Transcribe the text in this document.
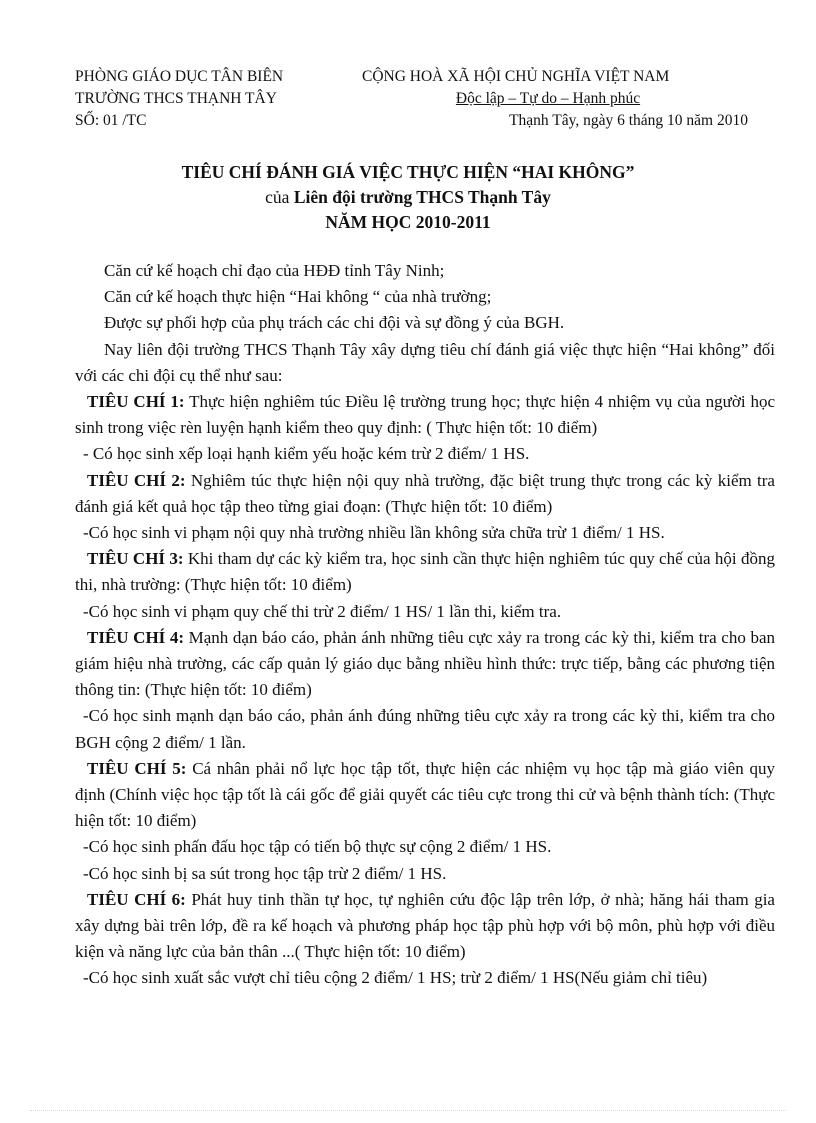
PHÒNG GIÁO DỤC TÂN BIÊN
TRƯỜNG THCS THẠNH TÂY
SỐ: 01 /TC
CỘNG HOÀ XÃ HỘI CHỦ NGHĨA VIỆT NAM
Độc lập – Tự do – Hạnh phúc
Thạnh Tây, ngày 6 tháng 10 năm 2010
TIÊU CHÍ ĐÁNH GIÁ VIỆC THỰC HIỆN “HAI KHÔNG”
của Liên đội trường THCS Thạnh Tây
NĂM HỌC 2010-2011

Căn cứ kế hoạch chỉ đạo của HĐĐ tỉnh Tây Ninh;

Căn cứ kế hoạch thực hiện “Hai không “ của nhà trường;

Được sự phối hợp của phụ trách các chi đội và sự đồng ý của BGH.

Nay liên đội trường THCS Thạnh Tây xây dựng tiêu chí đánh giá việc thực hiện “Hai không” đối với các chi đội cụ thể như sau:

TIÊU CHÍ 1: Thực hiện nghiêm túc Điều lệ trường trung học; thực hiện 4 nhiệm vụ của người học sinh trong việc rèn luyện hạnh kiểm theo quy định: ( Thực hiện tốt: 10 điểm)

- Có học sinh xếp loại hạnh kiểm yếu hoặc kém trừ 2 điểm/ 1 HS.

TIÊU CHÍ 2: Nghiêm túc thực hiện nội quy nhà trường, đặc biệt trung thực trong các kỳ kiểm tra đánh giá kết quả học tập theo từng giai đoạn: (Thực hiện tốt: 10 điểm)

-Có học sinh vi phạm nội quy nhà trường nhiều lần không sửa chữa trừ 1 điểm/ 1 HS.

TIÊU CHÍ 3: Khi tham dự các kỳ kiểm tra, học sinh cần thực hiện nghiêm túc quy chế của hội đồng thi, nhà trường: (Thực hiện tốt: 10 điểm)

-Có học sinh vi phạm quy chế thi trừ 2 điểm/ 1 HS/ 1 lần thi, kiểm tra.

TIÊU CHÍ 4: Mạnh dạn báo cáo, phản ánh những tiêu cực xảy ra trong các kỳ thi, kiểm tra cho ban giám hiệu nhà trường, các cấp quản lý giáo dục bằng nhiều hình thức: trực tiếp, bằng các phương tiện thông tin: (Thực hiện tốt: 10 điểm)

-Có học sinh mạnh dạn báo cáo, phản ánh đúng những tiêu cực xảy ra trong các kỳ thi, kiểm tra cho BGH cộng 2 điểm/ 1 lần.

TIÊU CHÍ 5: Cá nhân phải nổ lực học tập tốt, thực hiện các nhiệm vụ học tập mà giáo viên quy định (Chính việc học tập tốt là cái gốc để giải quyết các tiêu cực trong thi cử và bệnh thành tích: (Thực hiện tốt: 10 điểm)

-Có học sinh phấn đấu học tập có tiến bộ thực sự cộng 2 điểm/ 1 HS.

-Có học sinh bị sa sút trong học tập trừ 2 điểm/ 1 HS.

TIÊU CHÍ 6: Phát huy tinh thần tự học, tự nghiên cứu độc lập trên lớp, ở nhà; hăng hái tham gia xây dựng bài trên lớp, đề ra kế hoạch và phương pháp học tập phù hợp với bộ môn, phù hợp với điều kiện và năng lực của bản thân ...( Thực hiện tốt: 10 điểm)

-Có học sinh xuất sắc vượt chỉ tiêu cộng 2 điểm/ 1 HS; trừ 2 điểm/ 1 HS(Nếu giảm chỉ tiêu)
